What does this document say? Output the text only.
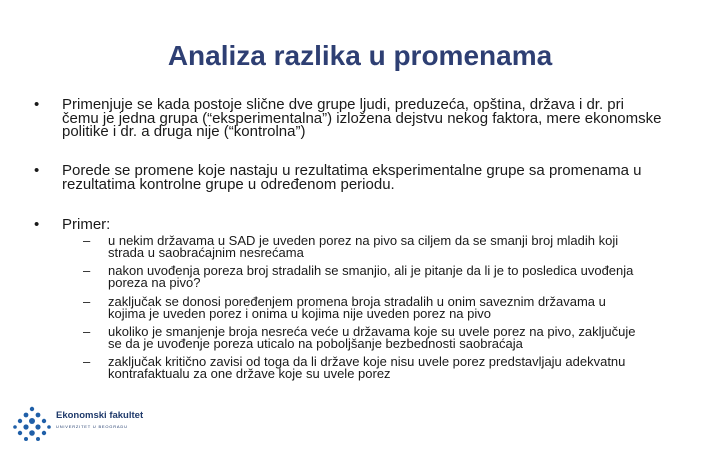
Analiza razlika u promenama
• Primenjuje se kada postoje slične dve grupe ljudi, preduzeća, opština, država i dr. pri čemu je jedna grupa (“eksperimentalna”) izložena dejstvu nekog faktora, mere ekonomske politike i dr. a druga nije (“kontrolna”)
• Porede se promene koje nastaju u rezultatima eksperimentalne grupe sa promenama u rezultatima kontrolne grupe u određenom periodu.
• Primer:
– u nekim državama u SAD je uveden porez na pivo sa ciljem da se smanji broj mladih koji strada u saobraćajnim nesrećama
– nakon uvođenja poreza broj stradalih se smanjio, ali je pitanje da li je to posledica uvođenja poreza na pivo?
– zaključak se donosi poređenjem promena broja stradalih u onim saveznim državama u kojima je uveden porez i onima u kojima nije uveden porez na pivo
– ukoliko je smanjenje broja nesreća veće u državama koje su uvele porez na pivo, zaključuje se da je uvođenje poreza uticalo na poboljšanje bezbednosti saobraćaja
– zaključak kritično zavisi od toga da li države koje nisu uvele porez predstavljaju adekvatnu kontrafaktualu za one države koje su uvele porez
Ekonomski fakultet
UNIVERZITET U BEOGRADU
